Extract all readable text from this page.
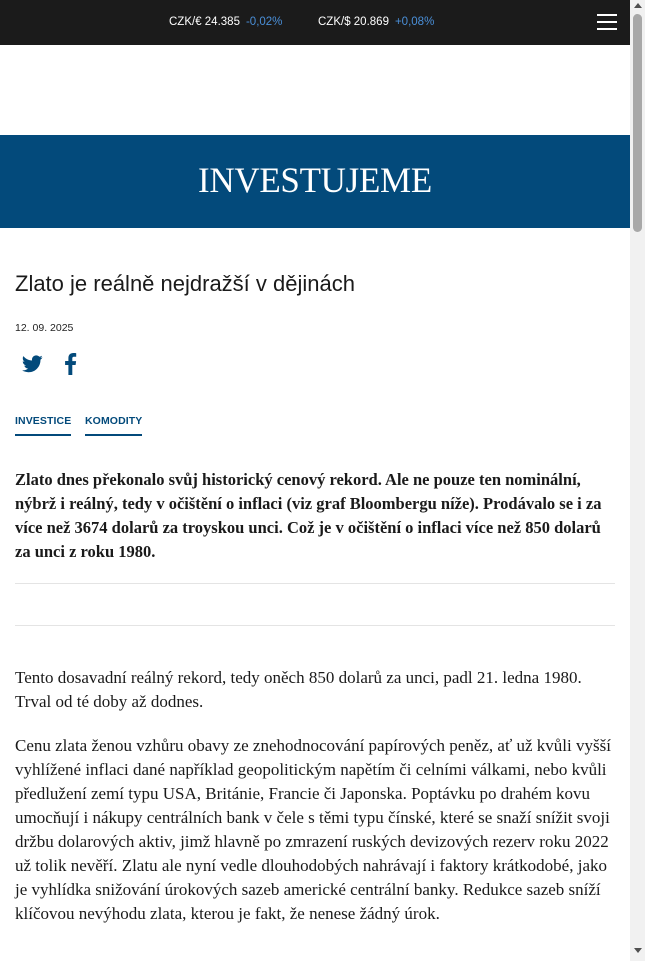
CZK/€ 24.385 -0,02%	CZK/$ 20.869 +0,08%
INVESTUJEME
Zlato je reálně nejdražší v dějinách
12. 09. 2025
INVESTICE KOMODITY

Zlato dnes překonalo svůj historický cenový rekord. Ale ne pouze ten nominální, nýbrž i reálný, tedy v očištění o inflaci (viz graf Bloombergu níže). Prodávalo se i za více než 3674 dolarů za troyskou unci. Což je v očištění o inflaci více než 850 dolarů za unci z roku 1980.

Tento dosavadní reálný rekord, tedy oněch 850 dolarů za unci, padl 21. ledna 1980. Trval od té doby až dodnes.

Cenu zlata ženou vzhůru obavy ze znehodnocování papírových peněz, ať už kvůli vyšší vyhlížené inflaci dané například geopolitickým napětím či celními válkami, nebo kvůli předlužení zemí typu USA, Británie, Francie či Japonska. Poptávku po drahém kovu umocňují i nákupy centrálních bank v čele s těmi typu čínské, které se snaží snížit svoji držbu dolarových aktiv, jimž hlavně po zmrazení ruských devizových rezerv roku 2022 už tolik nevěří. Zlatu ale nyní vedle dlouhodobých nahrávají i faktory krátkodobé, jako je vyhlídka snižování úrokových sazeb americké centrální banky. Redukce sazeb sníží klíčovou nevýhodu zlata, kterou je fakt, že nenese žádný úrok.
